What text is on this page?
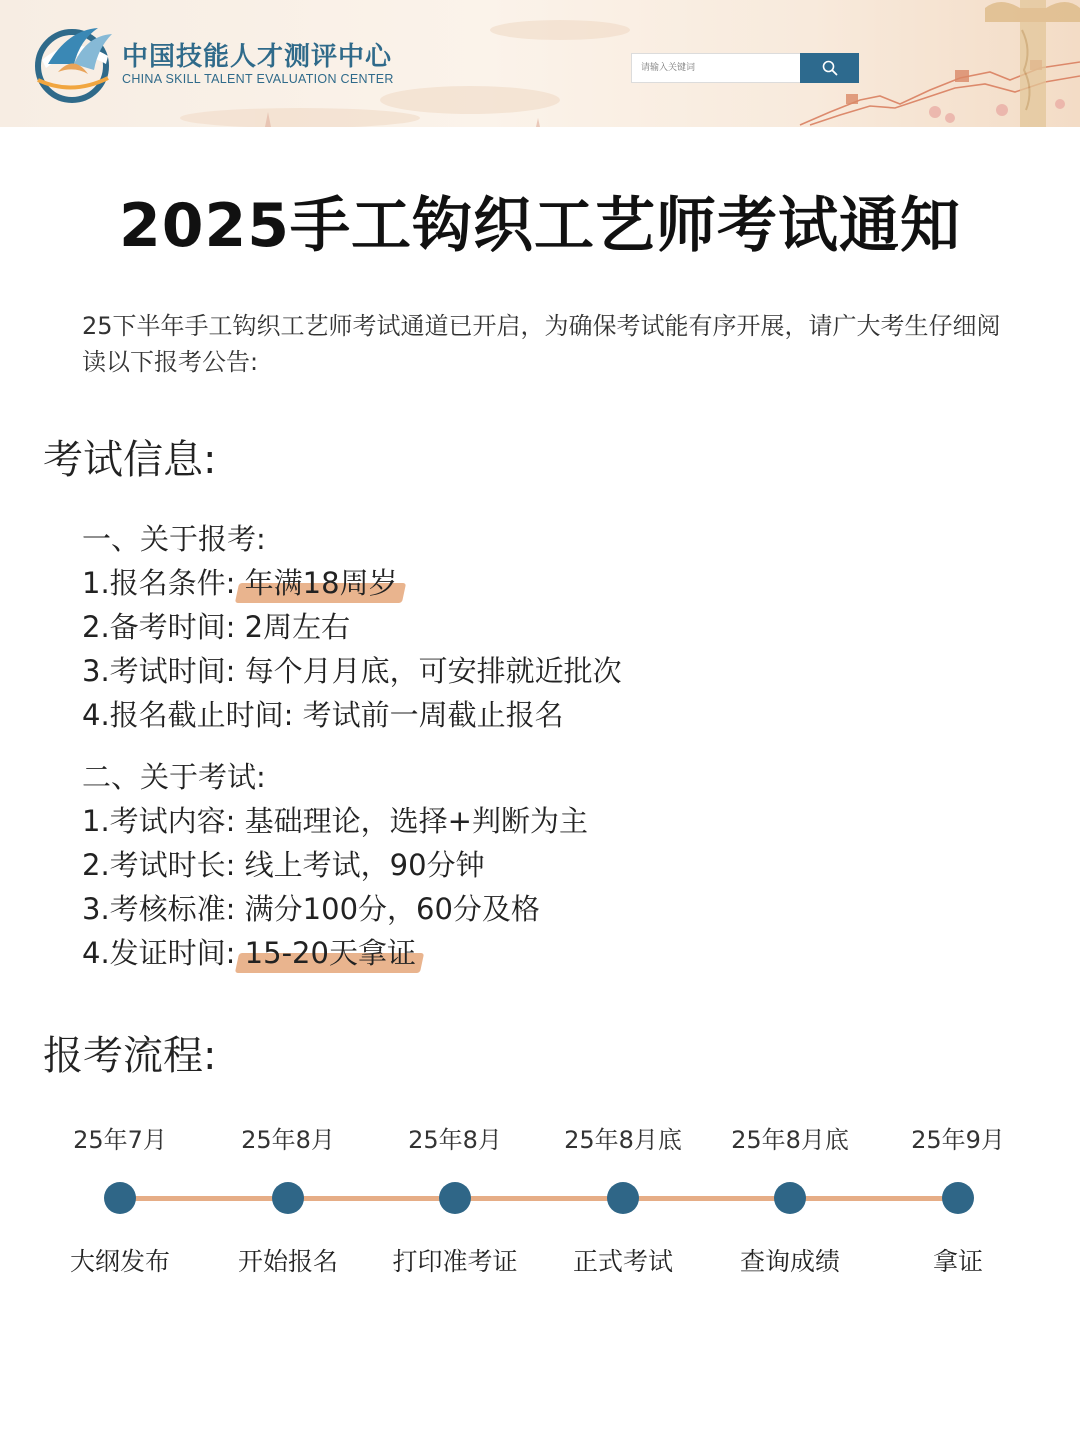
中国技能人才测评中心
CHINA SKILL TALENT EVALUATION CENTER
请输入关键词
2025手工钩织工艺师考试通知
25下半年手工钩织工艺师考试通道已开启，为确保考试能有序开展，请广大考生仔细阅读以下报考公告:
考试信息:
一、关于报考:
1.报名条件: 年满18周岁
2.备考时间: 2周左右
3.考试时间: 每个月月底，可安排就近批次
4.报名截止时间: 考试前一周截止报名
二、关于考试:
1.考试内容: 基础理论，选择+判断为主
2.考试时长: 线上考试，90分钟
3.考核标准: 满分100分，60分及格
4.发证时间: 15-20天拿证
报考流程:
25年7月
大纲发布
25年8月
开始报名
25年8月
打印准考证
25年8月底
正式考试
25年8月底
查询成绩
25年9月
拿证
